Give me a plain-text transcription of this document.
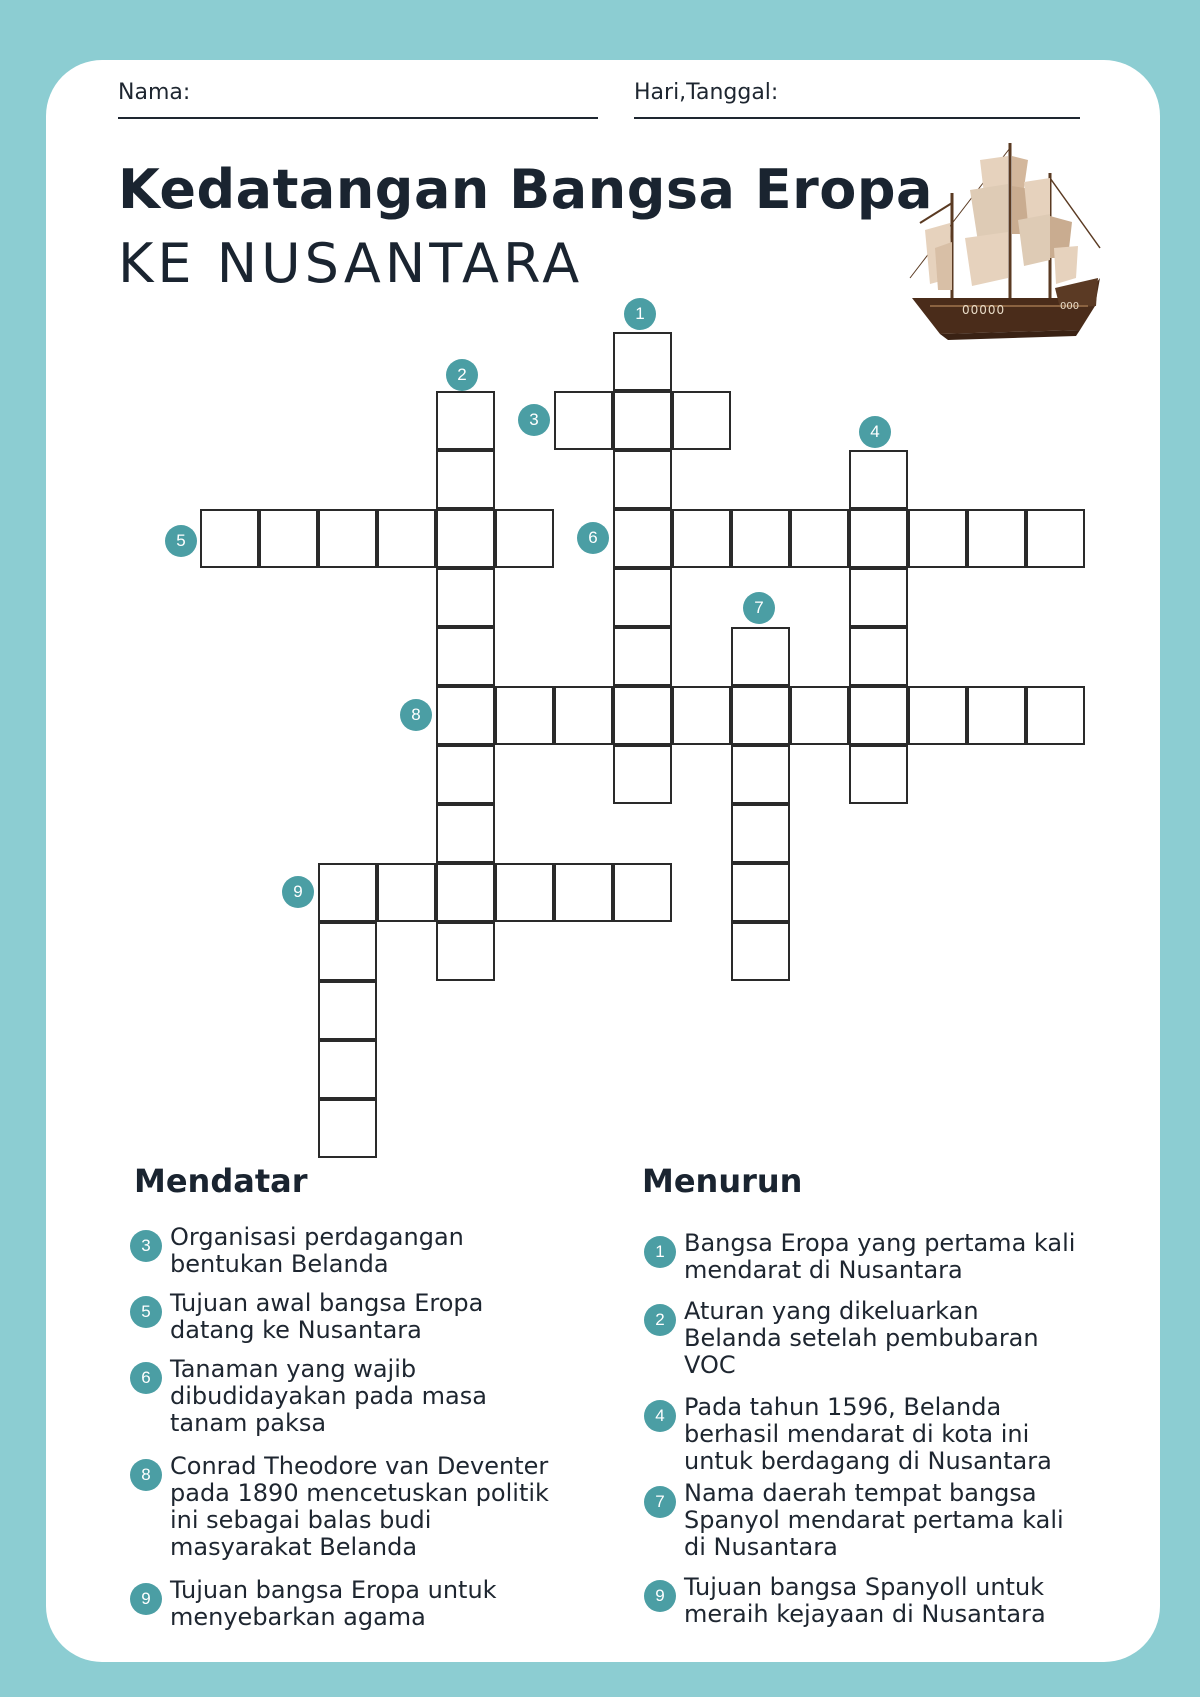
Nama:	Hari,Tanggal:
Kedatangan Bangsa Eropa
KE NUSANTARA
00000	000
1
2
3
4
5	6
7
8
9
Mendatar	Menurun
3 Organisasi perdagangan bentukan Belanda
5 Tujuan awal bangsa Eropa datang ke Nusantara
6 Tanaman yang wajib dibudidayakan pada masa tanam paksa
8 Conrad Theodore van Deventer pada 1890 mencetuskan politik ini sebagai balas budi masyarakat Belanda
9 Tujuan bangsa Eropa untuk menyebarkan agama
1 Bangsa Eropa yang pertama kali mendarat di Nusantara
2 Aturan yang dikeluarkan Belanda setelah pembubaran VOC
4 Pada tahun 1596, Belanda berhasil mendarat di kota ini untuk berdagang di Nusantara
7 Nama daerah tempat bangsa Spanyol mendarat pertama kali di Nusantara
9 Tujuan bangsa Spanyoll untuk meraih kejayaan di Nusantara
